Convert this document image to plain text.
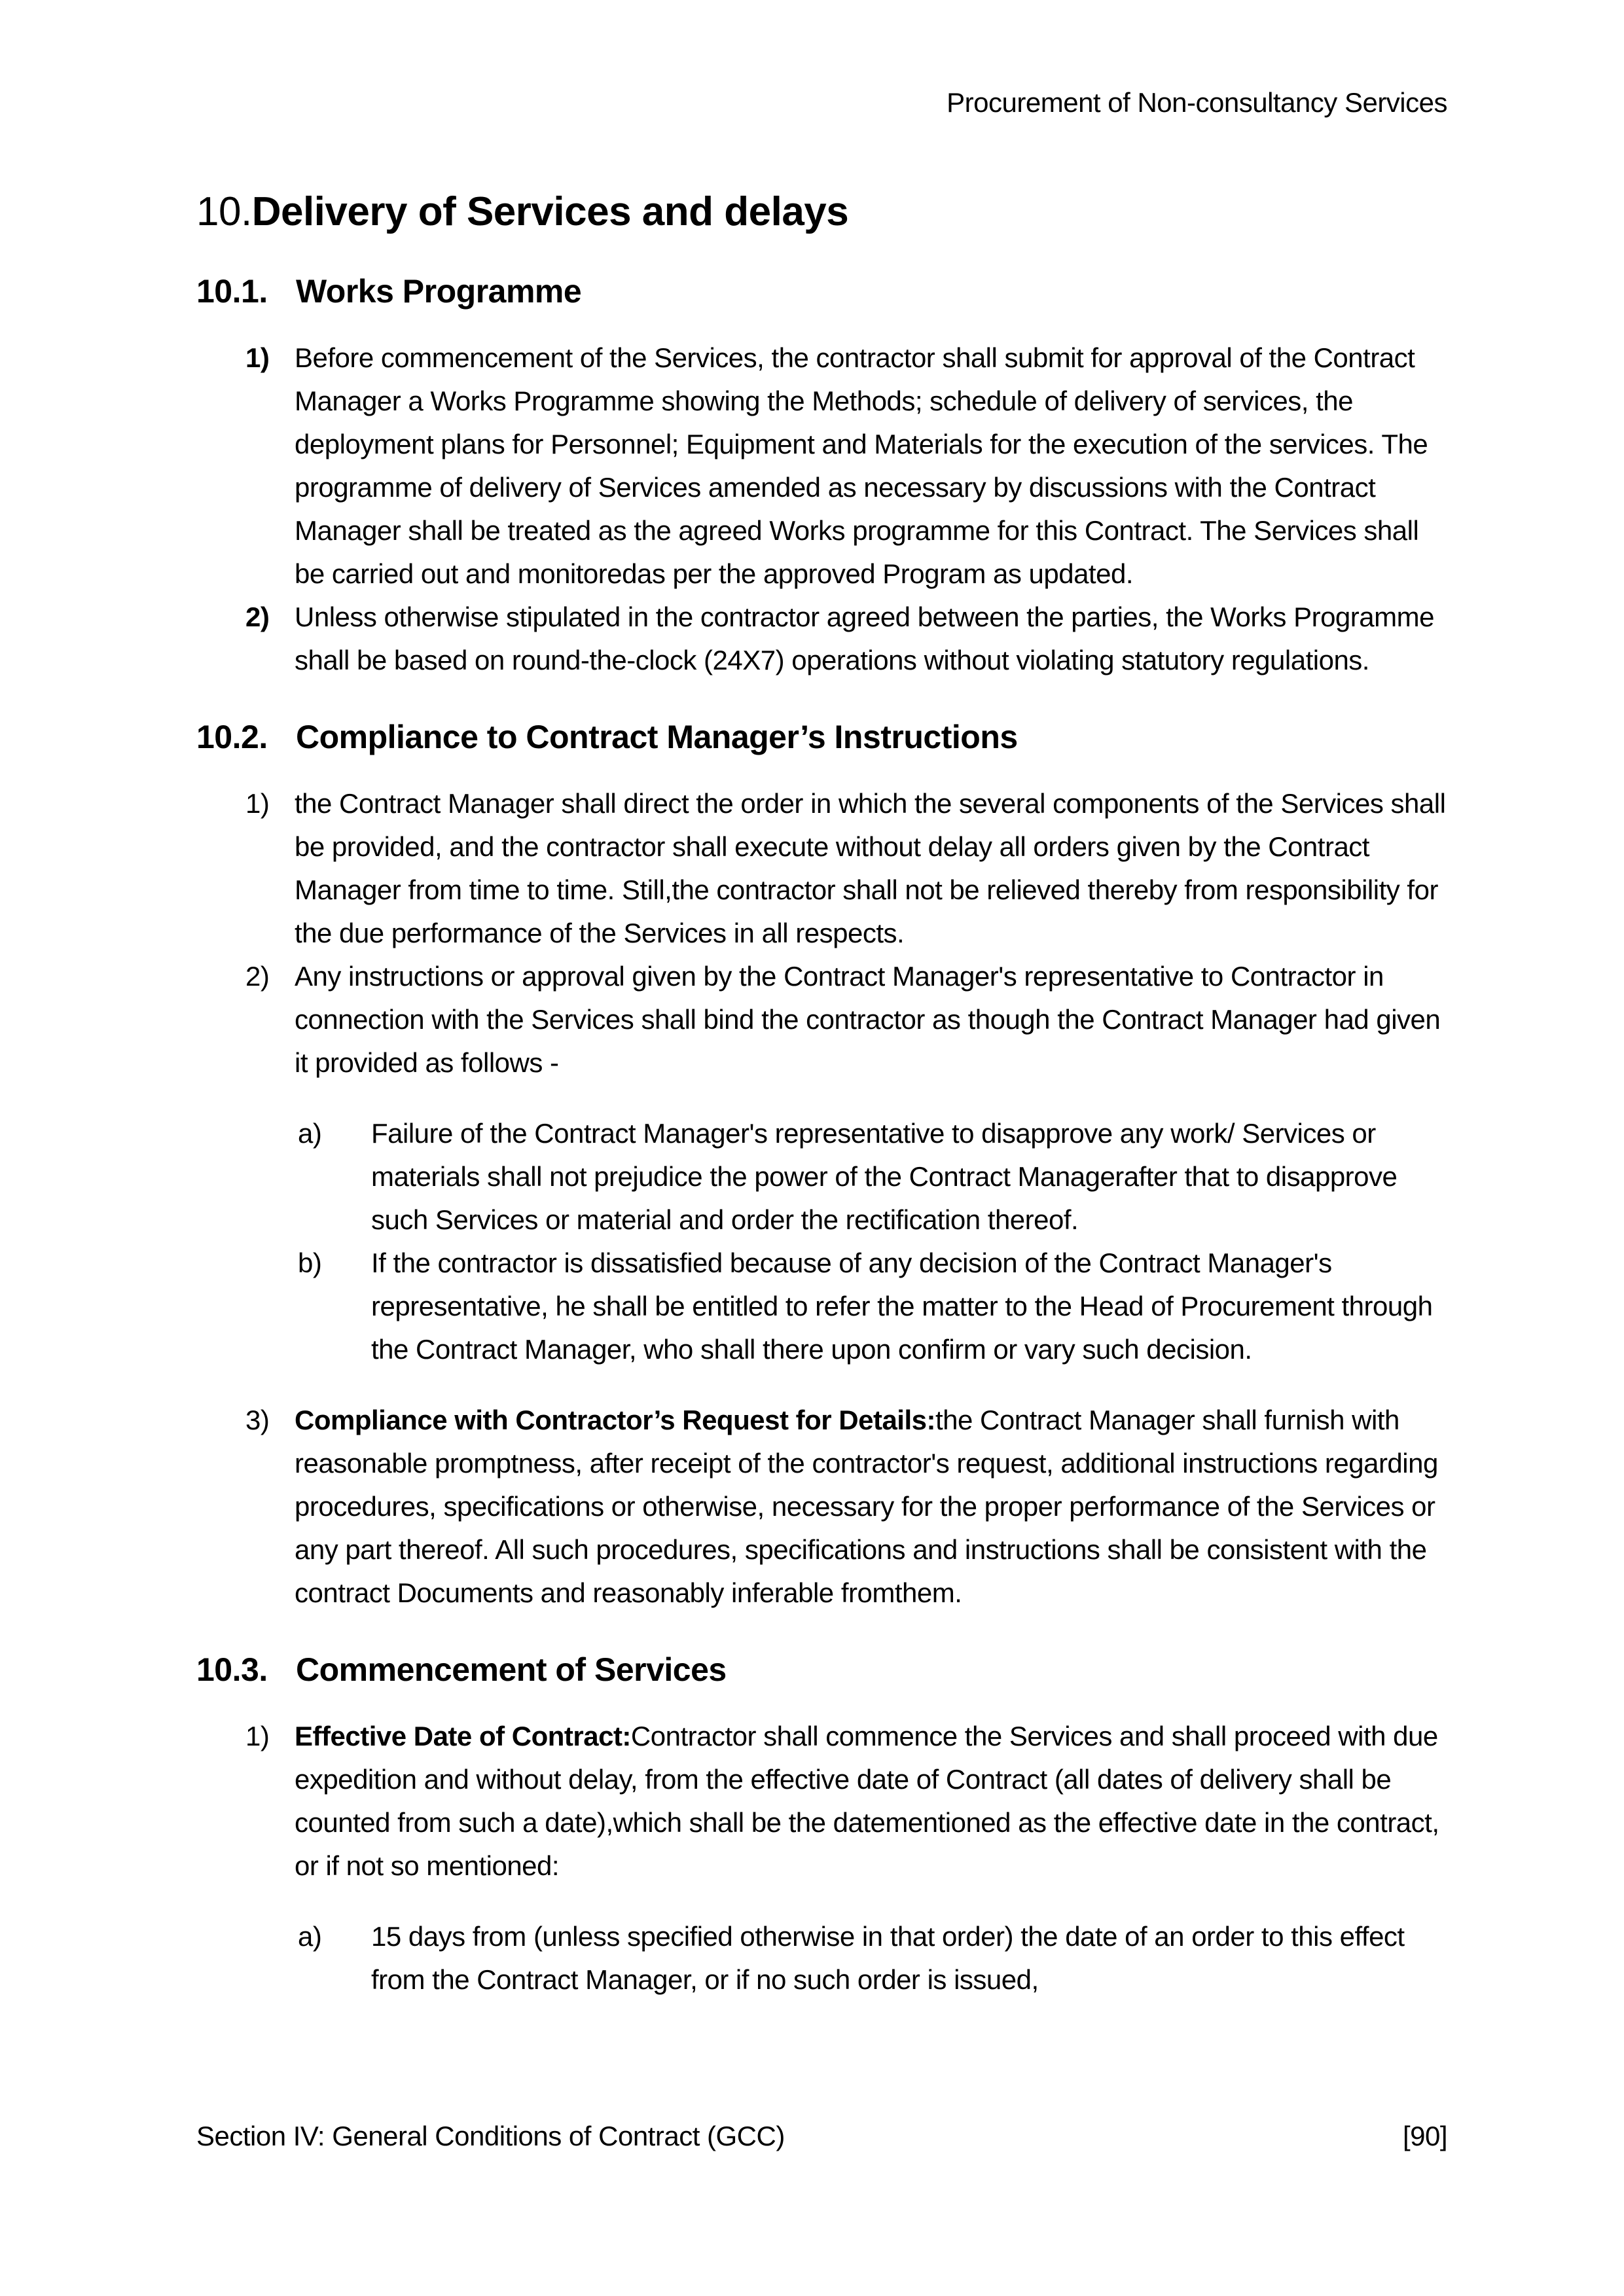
Procurement of Non-consultancy Services
10.Delivery of Services and delays
10.1. Works Programme
1) Before commencement of the Services, the contractor shall submit for approval of the Contract Manager a Works Programme showing the Methods; schedule of delivery of services, the deployment plans for Personnel; Equipment and Materials for the execution of the services. The programme of delivery of Services amended as necessary by discussions with the Contract Manager shall be treated as the agreed Works programme for this Contract. The Services shall be carried out and monitoredas per the approved Program as updated.
2) Unless otherwise stipulated in the contractor agreed between the parties, the Works Programme shall be based on round-the-clock (24X7) operations without violating statutory regulations.
10.2. Compliance to Contract Manager’s Instructions
1) the Contract Manager shall direct the order in which the several components of the Services shall be provided, and the contractor shall execute without delay all orders given by the Contract Manager from time to time. Still,the contractor shall not be relieved thereby from responsibility for the due performance of the Services in all respects.
2) Any instructions or approval given by the Contract Manager's representative to Contractor in connection with the Services shall bind the contractor as though the Contract Manager had given it provided as follows -
a)	Failure of the Contract Manager's representative to disapprove any work/ Services or materials shall not prejudice the power of the Contract Managerafter that to disapprove such Services or material and order the rectification thereof.
b)	If the contractor is dissatisfied because of any decision of the Contract Manager's representative, he shall be entitled to refer the matter to the Head of Procurement through the Contract Manager, who shall there upon confirm or vary such decision.
3) Compliance with Contractor’s Request for Details:the Contract Manager shall furnish with reasonable promptness, after receipt of the contractor's request, additional instructions regarding procedures, specifications or otherwise, necessary for the proper performance of the Services or any part thereof. All such procedures, specifications and instructions shall be consistent with the contract Documents and reasonably inferable fromthem.
10.3. Commencement of Services
1) Effective Date of Contract:Contractor shall commence the Services and shall proceed with due expedition and without delay, from the effective date of Contract (all dates of delivery shall be counted from such a date),which shall be the datementioned as the effective date in the contract, or if not so mentioned:
a)	15 days from (unless specified otherwise in that order) the date of an order to this effect from the Contract Manager, or if no such order is issued,
Section IV: General Conditions of Contract (GCC)	[90]
